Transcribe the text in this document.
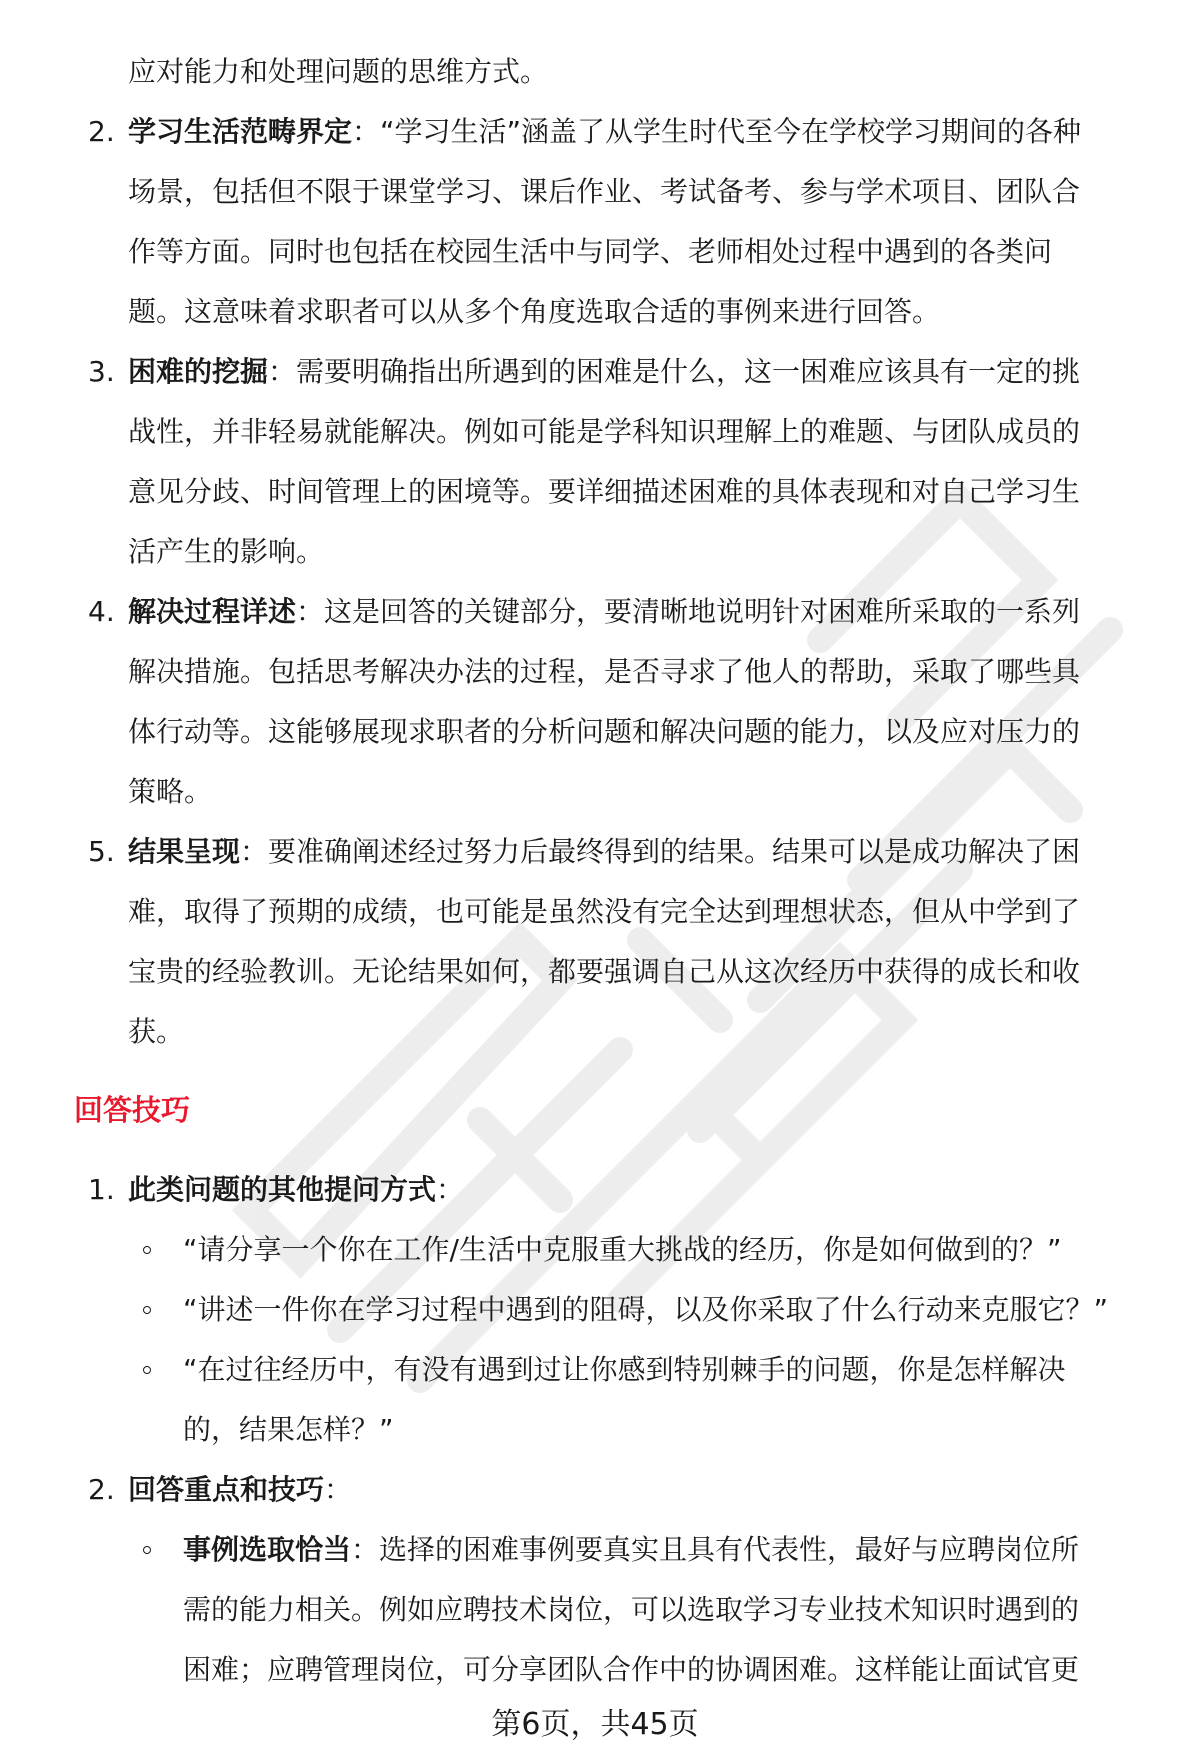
应对能力和处理问题的思维方式。
2. 学习生活范畴界定：“学习生活”涵盖了从学生时代至今在学校学习期间的各种
场景，包括但不限于课堂学习、课后作业、考试备考、参与学术项目、团队合
作等方面。同时也包括在校园生活中与同学、老师相处过程中遇到的各类问
题。这意味着求职者可以从多个角度选取合适的事例来进行回答。
3. 困难的挖掘：需要明确指出所遇到的困难是什么，这一困难应该具有一定的挑
战性，并非轻易就能解决。例如可能是学科知识理解上的难题、与团队成员的
意见分歧、时间管理上的困境等。要详细描述困难的具体表现和对自己学习生
活产生的影响。
4. 解决过程详述：这是回答的关键部分，要清晰地说明针对困难所采取的一系列
解决措施。包括思考解决办法的过程，是否寻求了他人的帮助，采取了哪些具
体行动等。这能够展现求职者的分析问题和解决问题的能力，以及应对压力的
策略。
5. 结果呈现：要准确阐述经过努力后最终得到的结果。结果可以是成功解决了困
难，取得了预期的成绩，也可能是虽然没有完全达到理想状态，但从中学到了
宝贵的经验教训。无论结果如何，都要强调自己从这次经历中获得的成长和收
获。
回答技巧
1. 此类问题的其他提问方式：
“请分享一个你在工作/生活中克服重大挑战的经历，你是如何做到的？”
“讲述一件你在学习过程中遇到的阻碍，以及你采取了什么行动来克服它？”
“在过往经历中，有没有遇到过让你感到特别棘手的问题，你是怎样解决
的，结果怎样？”
2. 回答重点和技巧：
事例选取恰当：选择的困难事例要真实且具有代表性，最好与应聘岗位所
需的能力相关。例如应聘技术岗位，可以选取学习专业技术知识时遇到的
困难；应聘管理岗位，可分享团队合作中的协调困难。这样能让面试官更
第6页，共45页
